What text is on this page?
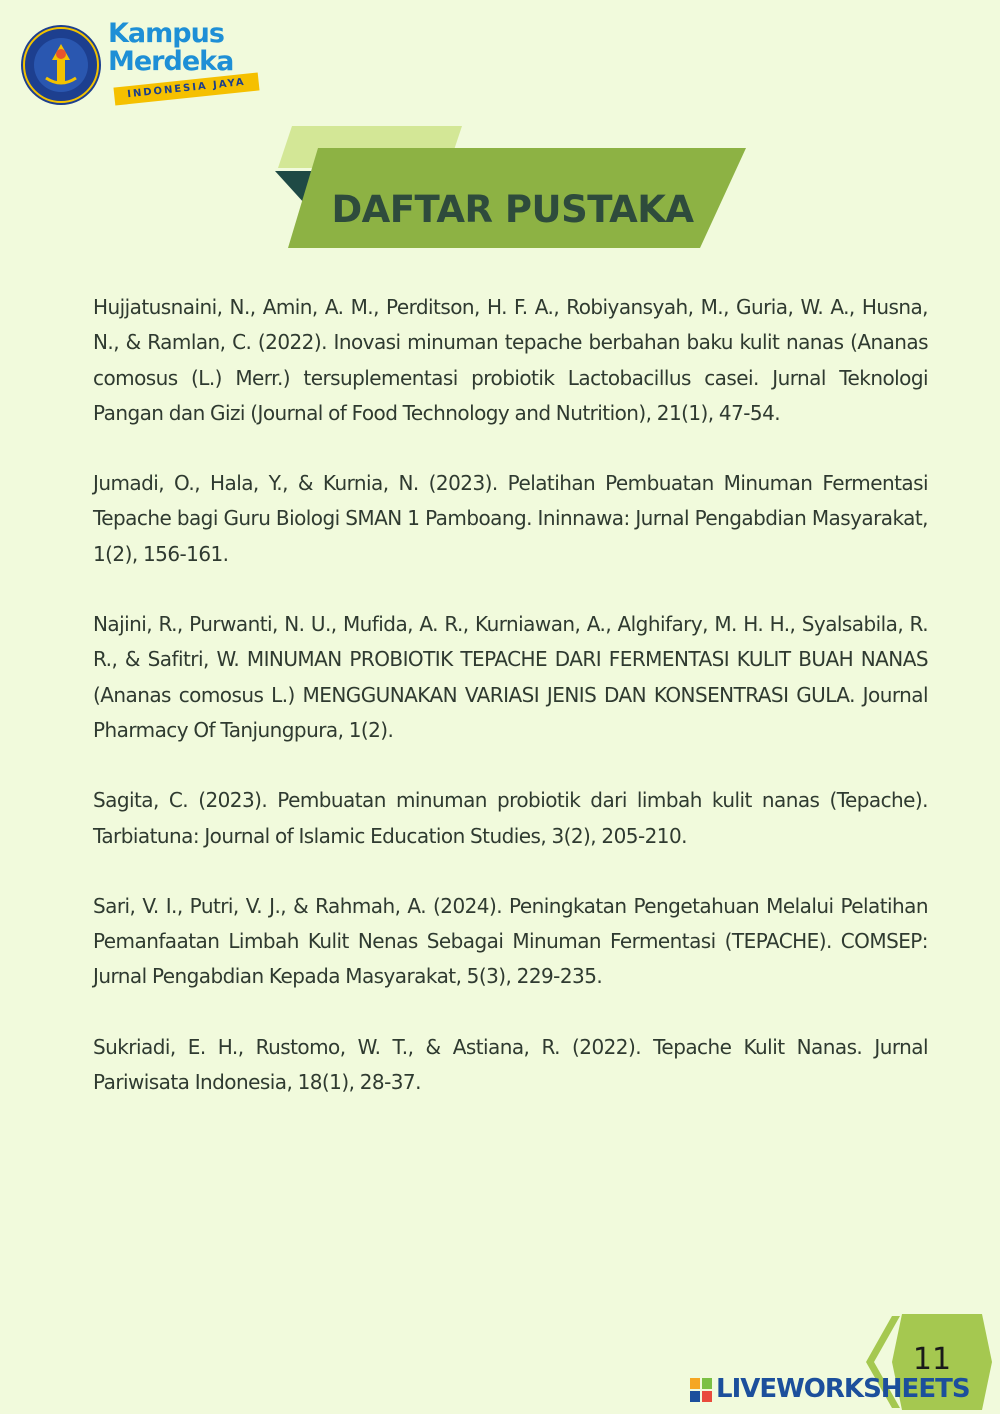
Kampus
Merdeka
INDONESIA JAYA
DAFTAR PUSTAKA

Hujjatusnaini, N., Amin, A. M., Perditson, H. F. A., Robiyansyah, M., Guria, W. A., Husna, N., & Ramlan, C. (2022). Inovasi minuman tepache berbahan baku kulit nanas (Ananas comosus (L.) Merr.) tersuplementasi probiotik Lactobacillus casei. Jurnal Teknologi Pangan dan Gizi (Journal of Food Technology and Nutrition), 21(1), 47-54.

Jumadi, O., Hala, Y., & Kurnia, N. (2023). Pelatihan Pembuatan Minuman Fermentasi Tepache bagi Guru Biologi SMAN 1 Pamboang. Ininnawa: Jurnal Pengabdian Masyarakat, 1(2), 156-161.

Najini, R., Purwanti, N. U., Mufida, A. R., Kurniawan, A., Alghifary, M. H. H., Syalsabila, R. R., & Safitri, W. MINUMAN PROBIOTIK TEPACHE DARI FERMENTASI KULIT BUAH NANAS (Ananas comosus L.) MENGGUNAKAN VARIASI JENIS DAN KONSENTRASI GULA. Journal Pharmacy Of Tanjungpura, 1(2).

Sagita, C. (2023). Pembuatan minuman probiotik dari limbah kulit nanas (Tepache). Tarbiatuna: Journal of Islamic Education Studies, 3(2), 205-210.

Sari, V. I., Putri, V. J., & Rahmah, A. (2024). Peningkatan Pengetahuan Melalui Pelatihan Pemanfaatan Limbah Kulit Nenas Sebagai Minuman Fermentasi (TEPACHE). COMSEP: Jurnal Pengabdian Kepada Masyarakat, 5(3), 229-235.

Sukriadi, E. H., Rustomo, W. T., & Astiana, R. (2022). Tepache Kulit Nanas. Jurnal Pariwisata Indonesia, 18(1), 28-37.

11
LIVEWORKSHEETS
